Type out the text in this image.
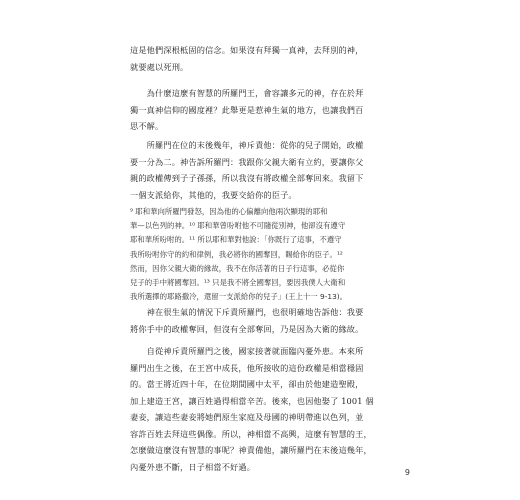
這是他們深根柢固的信念。如果沒有拜獨一真神，去拜別的神，
就要處以死刑。

　　為什麼這麼有智慧的所羅門王，會容讓多元的神，存在於拜
獨一真神信仰的國度裡？此舉更是惹神生氣的地方，也讓我們百
思不解。

　　所羅門在位的末後幾年，神斥責他：從你的兒子開始，政權
要一分為二。神告訴所羅門：我跟你父親大衛有立約，要讓你父
親的政權傳到子子孫孫，所以我沒有將政權全部奪回來。我留下
一個支派給你，其他的，我要交給你的臣子。

⁹ 耶和華向所羅門發怒，因為他的心偏離向他兩次顯現的耶和
華—以色列的神。¹⁰ 耶和華曾吩咐他不可隨從別神，他卻沒有遵守
耶和華所吩咐的。¹¹ 所以耶和華對他說：「你既行了這事，不遵守
我所吩咐你守的約和律例，我必將你的國奪回，賜給你的臣子。¹²
然而，因你父親大衛的緣故，我不在你活著的日子行這事，必從你
兒子的手中將國奪回。¹³ 只是我不將全國奪回，要因我僕人大衛和
我所選擇的耶路撒冷，還留一支派給你的兒子」(王上十一 9-13)。

　　神在很生氣的情況下斥責所羅門，也很明確地告訴他：我要
將你手中的政權奪回，但沒有全部奪回，乃是因為大衛的緣故。

　　自從神斥責所羅門之後，國家接著就面臨內憂外患。本來所
羅門出生之後，在王宮中成長，他所接收的這份政權是相當穩固
的。當王將近四十年，在位期間國中太平，卻由於他建造聖殿，
加上建造王宮，讓百姓過得相當辛苦。後來，也因他娶了 1001 個
妻妾，讓這些妻妾將她們原生家庭及母國的神明帶進以色列，並
容許百姓去拜這些偶像。所以，神相當不高興，這麼有智慧的王，
怎麼做這麼沒有智慧的事呢？神責備他，讓所羅門在末後這幾年，
內憂外患不斷，日子相當不好過。

9
